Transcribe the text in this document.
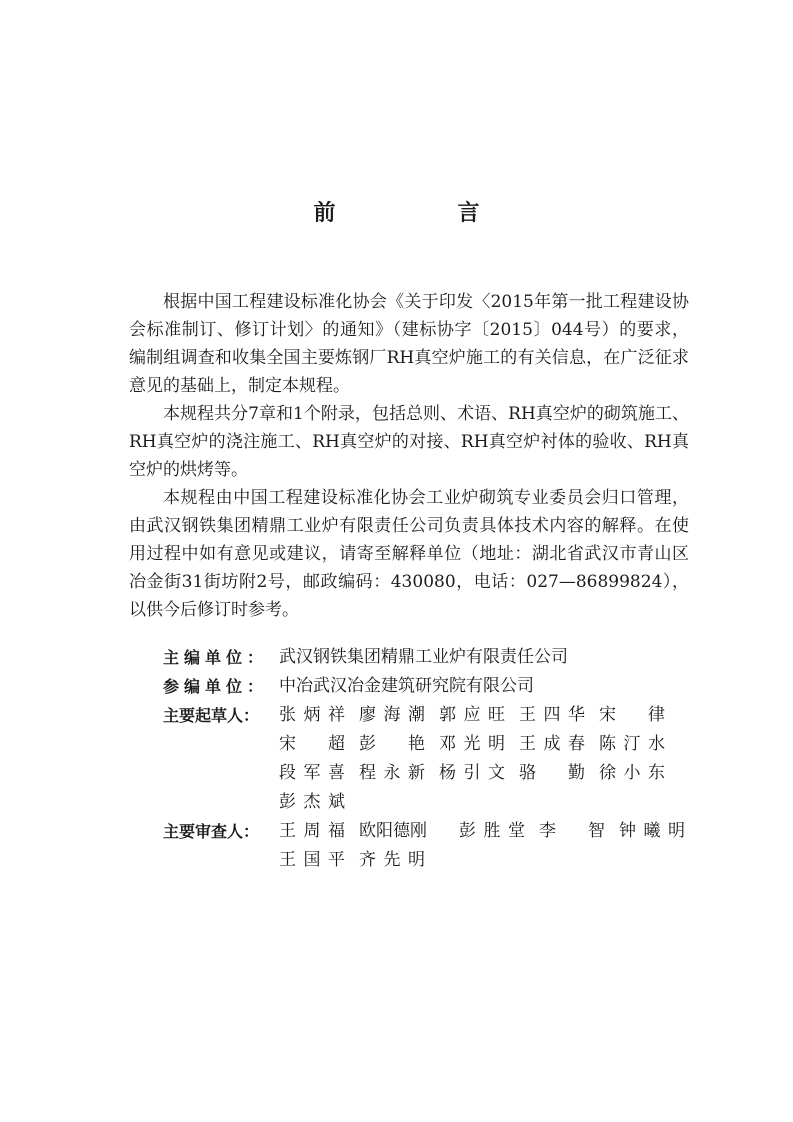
前　言

根据中国工程建设标准化协会《关于印发〈2015年第一批工程建设协会标准制订、修订计划〉的通知》（建标协字〔2015〕044号）的要求，编制组调查和收集全国主要炼钢厂RH真空炉施工的有关信息，在广泛征求意见的基础上，制定本规程。

本规程共分7章和1个附录，包括总则、术语、RH真空炉的砌筑施工、RH真空炉的浇注施工、RH真空炉的对接、RH真空炉衬体的验收、RH真空炉的烘烤等。

本规程由中国工程建设标准化协会工业炉砌筑专业委员会归口管理，由武汉钢铁集团精鼎工业炉有限责任公司负责具体技术内容的解释。在使用过程中如有意见或建议，请寄至解释单位（地址：湖北省武汉市青山区冶金街31街坊附2号，邮政编码：430080，电话：027—86899824），以供今后修订时参考。

主编单位： 武汉钢铁集团精鼎工业炉有限责任公司
参编单位： 中冶武汉冶金建筑研究院有限公司
主要起草人：	张炳祥 廖海潮 郭应旺 王四华 宋　律
宋　超 彭　艳 邓光明 王成春 陈汀水
段军喜 程永新 杨引文 骆　勤 徐小东
彭杰斌
主要审查人：	王周福 欧阳德刚	彭胜堂 李　智 钟曦明
王国平 齐先明
